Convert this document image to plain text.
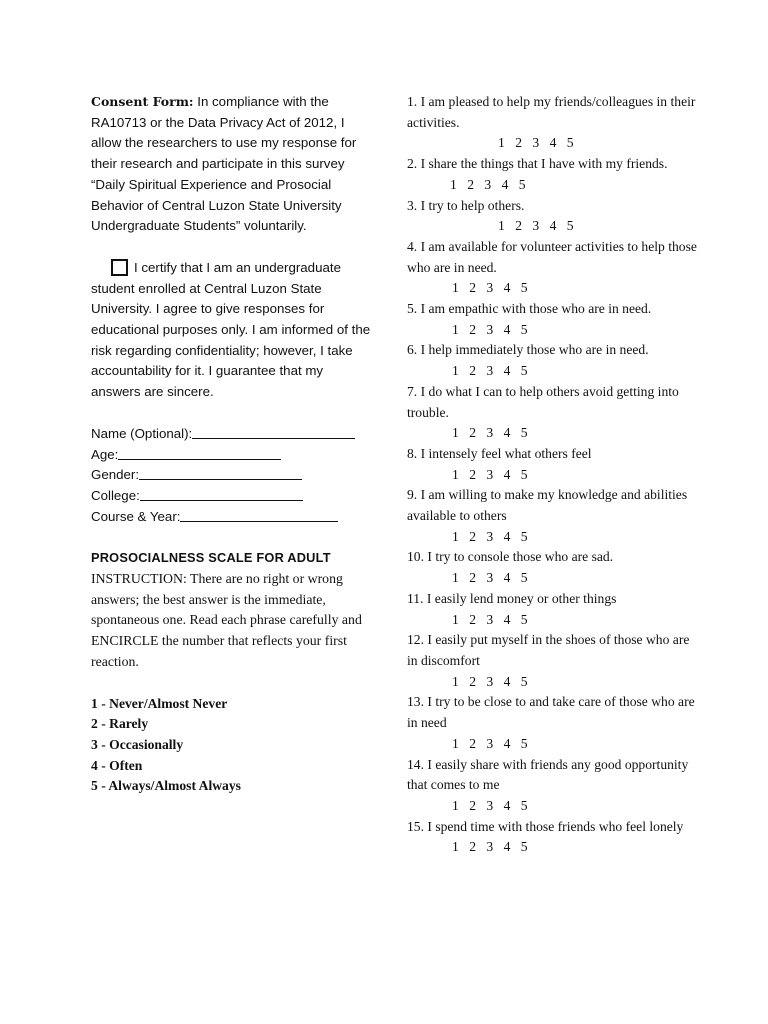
Consent Form: In compliance with the RA10713 or the Data Privacy Act of 2012, I allow the researchers to use my response for their research and participate in this survey “Daily Spiritual Experience and Prosocial Behavior of Central Luzon State University Undergraduate Students” voluntarily.

I certify that I am an undergraduate student enrolled at Central Luzon State University. I agree to give responses for educational purposes only. I am informed of the risk regarding confidentiality; however, I take accountability for it. I guarantee that my answers are sincere.

Name (Optional):
Age:
Gender:
College:
Course & Year:
PROSOCIALNESS SCALE FOR ADULT
INSTRUCTION: There are no right or wrong answers; the best answer is the immediate, spontaneous one. Read each phrase carefully and ENCIRCLE the number that reflects your first reaction.
1 - Never/Almost Never
2 - Rarely
3 - Occasionally
4 - Often
5 - Always/Almost Always
1. I am pleased to help my friends/colleagues in their activities.
1 2 3 4 5
2. I share the things that I have with my friends.
1 2 3 4 5
3. I try to help others.
1 2 3 4 5
4. I am available for volunteer activities to help those who are in need.
1 2 3 4 5
5. I am empathic with those who are in need.
1 2 3 4 5
6. I help immediately those who are in need.
1 2 3 4 5
7. I do what I can to help others avoid getting into trouble.
1 2 3 4 5
8. I intensely feel what others feel
1 2 3 4 5
9. I am willing to make my knowledge and abilities available to others
1 2 3 4 5
10. I try to console those who are sad.
1 2 3 4 5
11. I easily lend money or other things
1 2 3 4 5
12. I easily put myself in the shoes of those who are in discomfort
1 2 3 4 5
13. I try to be close to and take care of those who are in need
1 2 3 4 5
14. I easily share with friends any good opportunity that comes to me
1 2 3 4 5
15. I spend time with those friends who feel lonely
1 2 3 4 5
